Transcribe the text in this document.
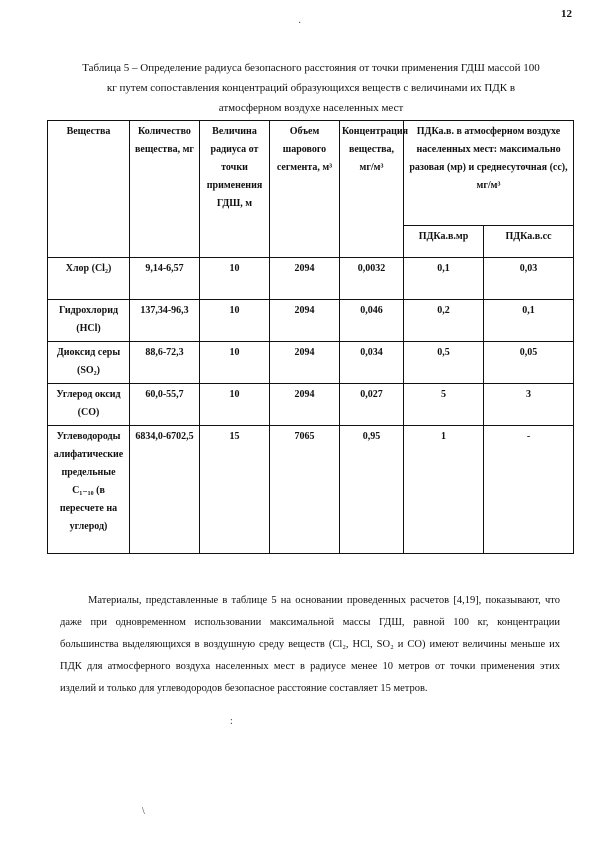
12
Таблица 5 – Определение радиуса безопасного расстояния от точки применения ГДШ массой 100
кг путем сопоставления концентраций образующихся веществ с величинами их ПДК в
атмосферном воздухе населенных мест
Вещества	Количество вещества, мг	Величина радиуса от точки применения ГДШ, м	Объем шарового сегмента, м³	Концентрация вещества, мг/м³	ПДКа.в. в атмосферном воздухе населенных мест: максимально разовая (мр) и среднесуточная (сс), мг/м³	
					ПДКа.в.мр	ПДКа.в.сс
Хлор (Cl₂)	9,14-6,57	10	2094	0,0032	0,1	0,03
Гидрохлорид (HCl)	137,34-96,3	10	2094	0,046	0,2	0,1
Диоксид серы (SO₂)	88,6-72,3	10	2094	0,034	0,5	0,05
Углерод оксид (CO)	60,0-55,7	10	2094	0,027	5	3
Углеводороды алифатические предельные C₁₋₁₀ (в пересчете на углерод)	6834,0-6702,5	15	7065	0,95	1	-
Материалы, представленные в таблице 5 на основании проведенных расчетов [4,19], показывают, что даже при одновременном использовании максимальной массы ГДШ, равной 100 кг, концентрации большинства выделяющихся в воздушную среду веществ (Cl₂, HCl, SO₂ и CO) имеют величины меньше их ПДК для атмосферного воздуха населенных мест в радиусе менее 10 метров от точки применения этих изделий и только для углеводородов безопасное расстояние составляет 15 метров.
·
:
\
